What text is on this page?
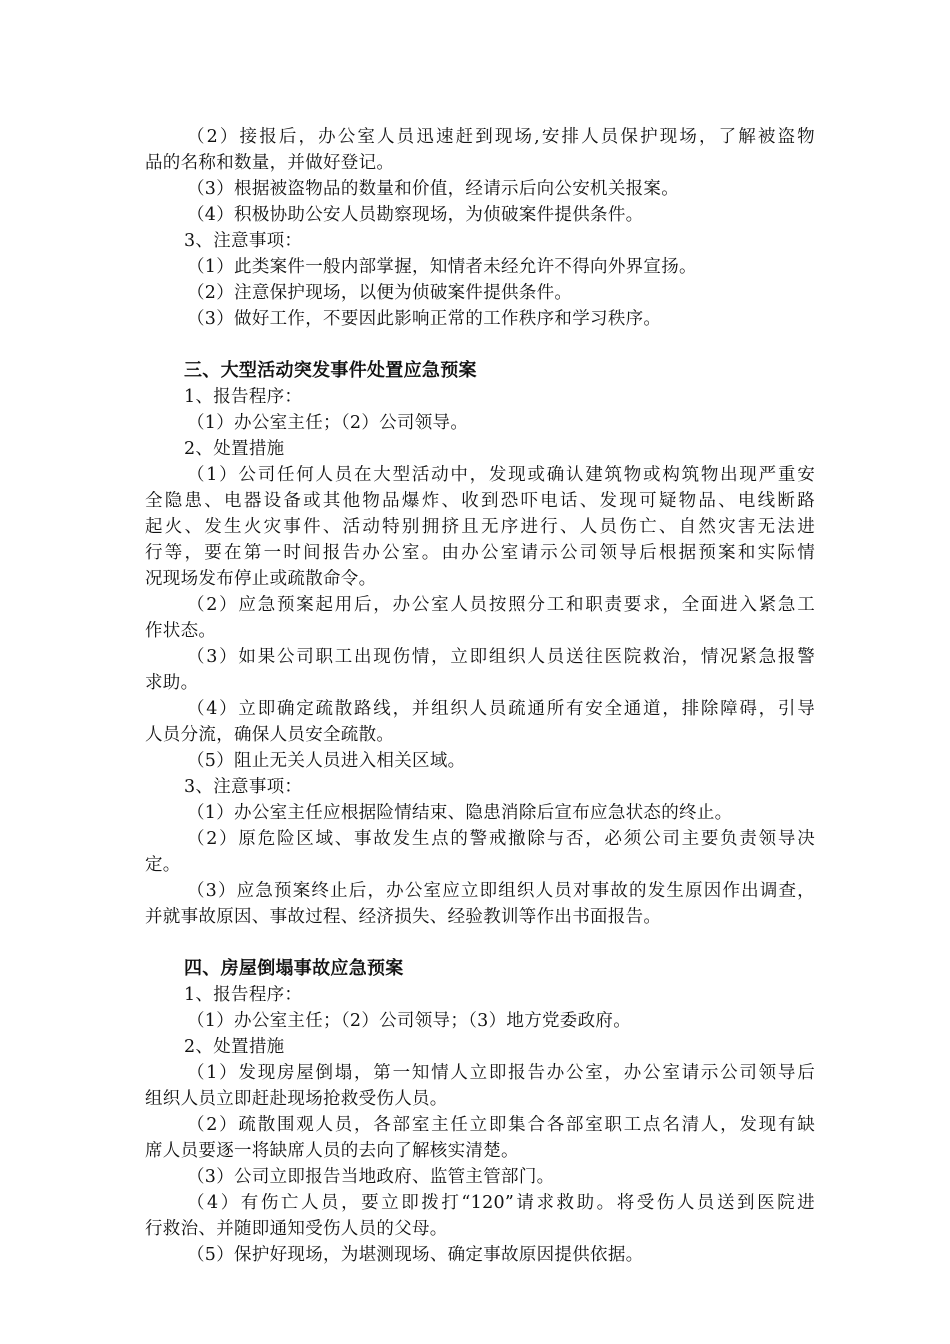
（2）接报后，办公室人员迅速赶到现场,安排人员保护现场，了解被盗物
品的名称和数量，并做好登记。
（3）根据被盗物品的数量和价值，经请示后向公安机关报案。
（4）积极协助公安人员勘察现场，为侦破案件提供条件。
3、注意事项：
（1）此类案件一般内部掌握，知情者未经允许不得向外界宣扬。
（2）注意保护现场，以便为侦破案件提供条件。
（3）做好工作，不要因此影响正常的工作秩序和学习秩序。
三、大型活动突发事件处置应急预案
1、报告程序：
（1）办公室主任；（2）公司领导。
2、处置措施
（1）公司任何人员在大型活动中，发现或确认建筑物或构筑物出现严重安
全隐患、电器设备或其他物品爆炸、收到恐吓电话、发现可疑物品、电线断路
起火、发生火灾事件、活动特别拥挤且无序进行、人员伤亡、自然灾害无法进
行等，要在第一时间报告办公室。由办公室请示公司领导后根据预案和实际情
况现场发布停止或疏散命令。
（2）应急预案起用后，办公室人员按照分工和职责要求，全面进入紧急工
作状态。
（3）如果公司职工出现伤情，立即组织人员送往医院救治，情况紧急报警
求助。
（4）立即确定疏散路线，并组织人员疏通所有安全通道，排除障碍，引导
人员分流，确保人员安全疏散。
（5）阻止无关人员进入相关区域。
3、注意事项：
（1）办公室主任应根据险情结束、隐患消除后宣布应急状态的终止。
（2）原危险区域、事故发生点的警戒撤除与否，必须公司主要负责领导决
定。
（3）应急预案终止后，办公室应立即组织人员对事故的发生原因作出调查，
并就事故原因、事故过程、经济损失、经验教训等作出书面报告。
四、房屋倒塌事故应急预案
1、报告程序：
（1）办公室主任；（2）公司领导；（3）地方党委政府。
2、处置措施
（1）发现房屋倒塌，第一知情人立即报告办公室，办公室请示公司领导后
组织人员立即赶赴现场抢救受伤人员。
（2）疏散围观人员，各部室主任立即集合各部室职工点名清人，发现有缺
席人员要逐一将缺席人员的去向了解核实清楚。
（3）公司立即报告当地政府、监管主管部门。
（4）有伤亡人员，要立即拨打“120”请求救助。将受伤人员送到医院进
行救治、并随即通知受伤人员的父母。
（5）保护好现场，为堪测现场、确定事故原因提供依据。
